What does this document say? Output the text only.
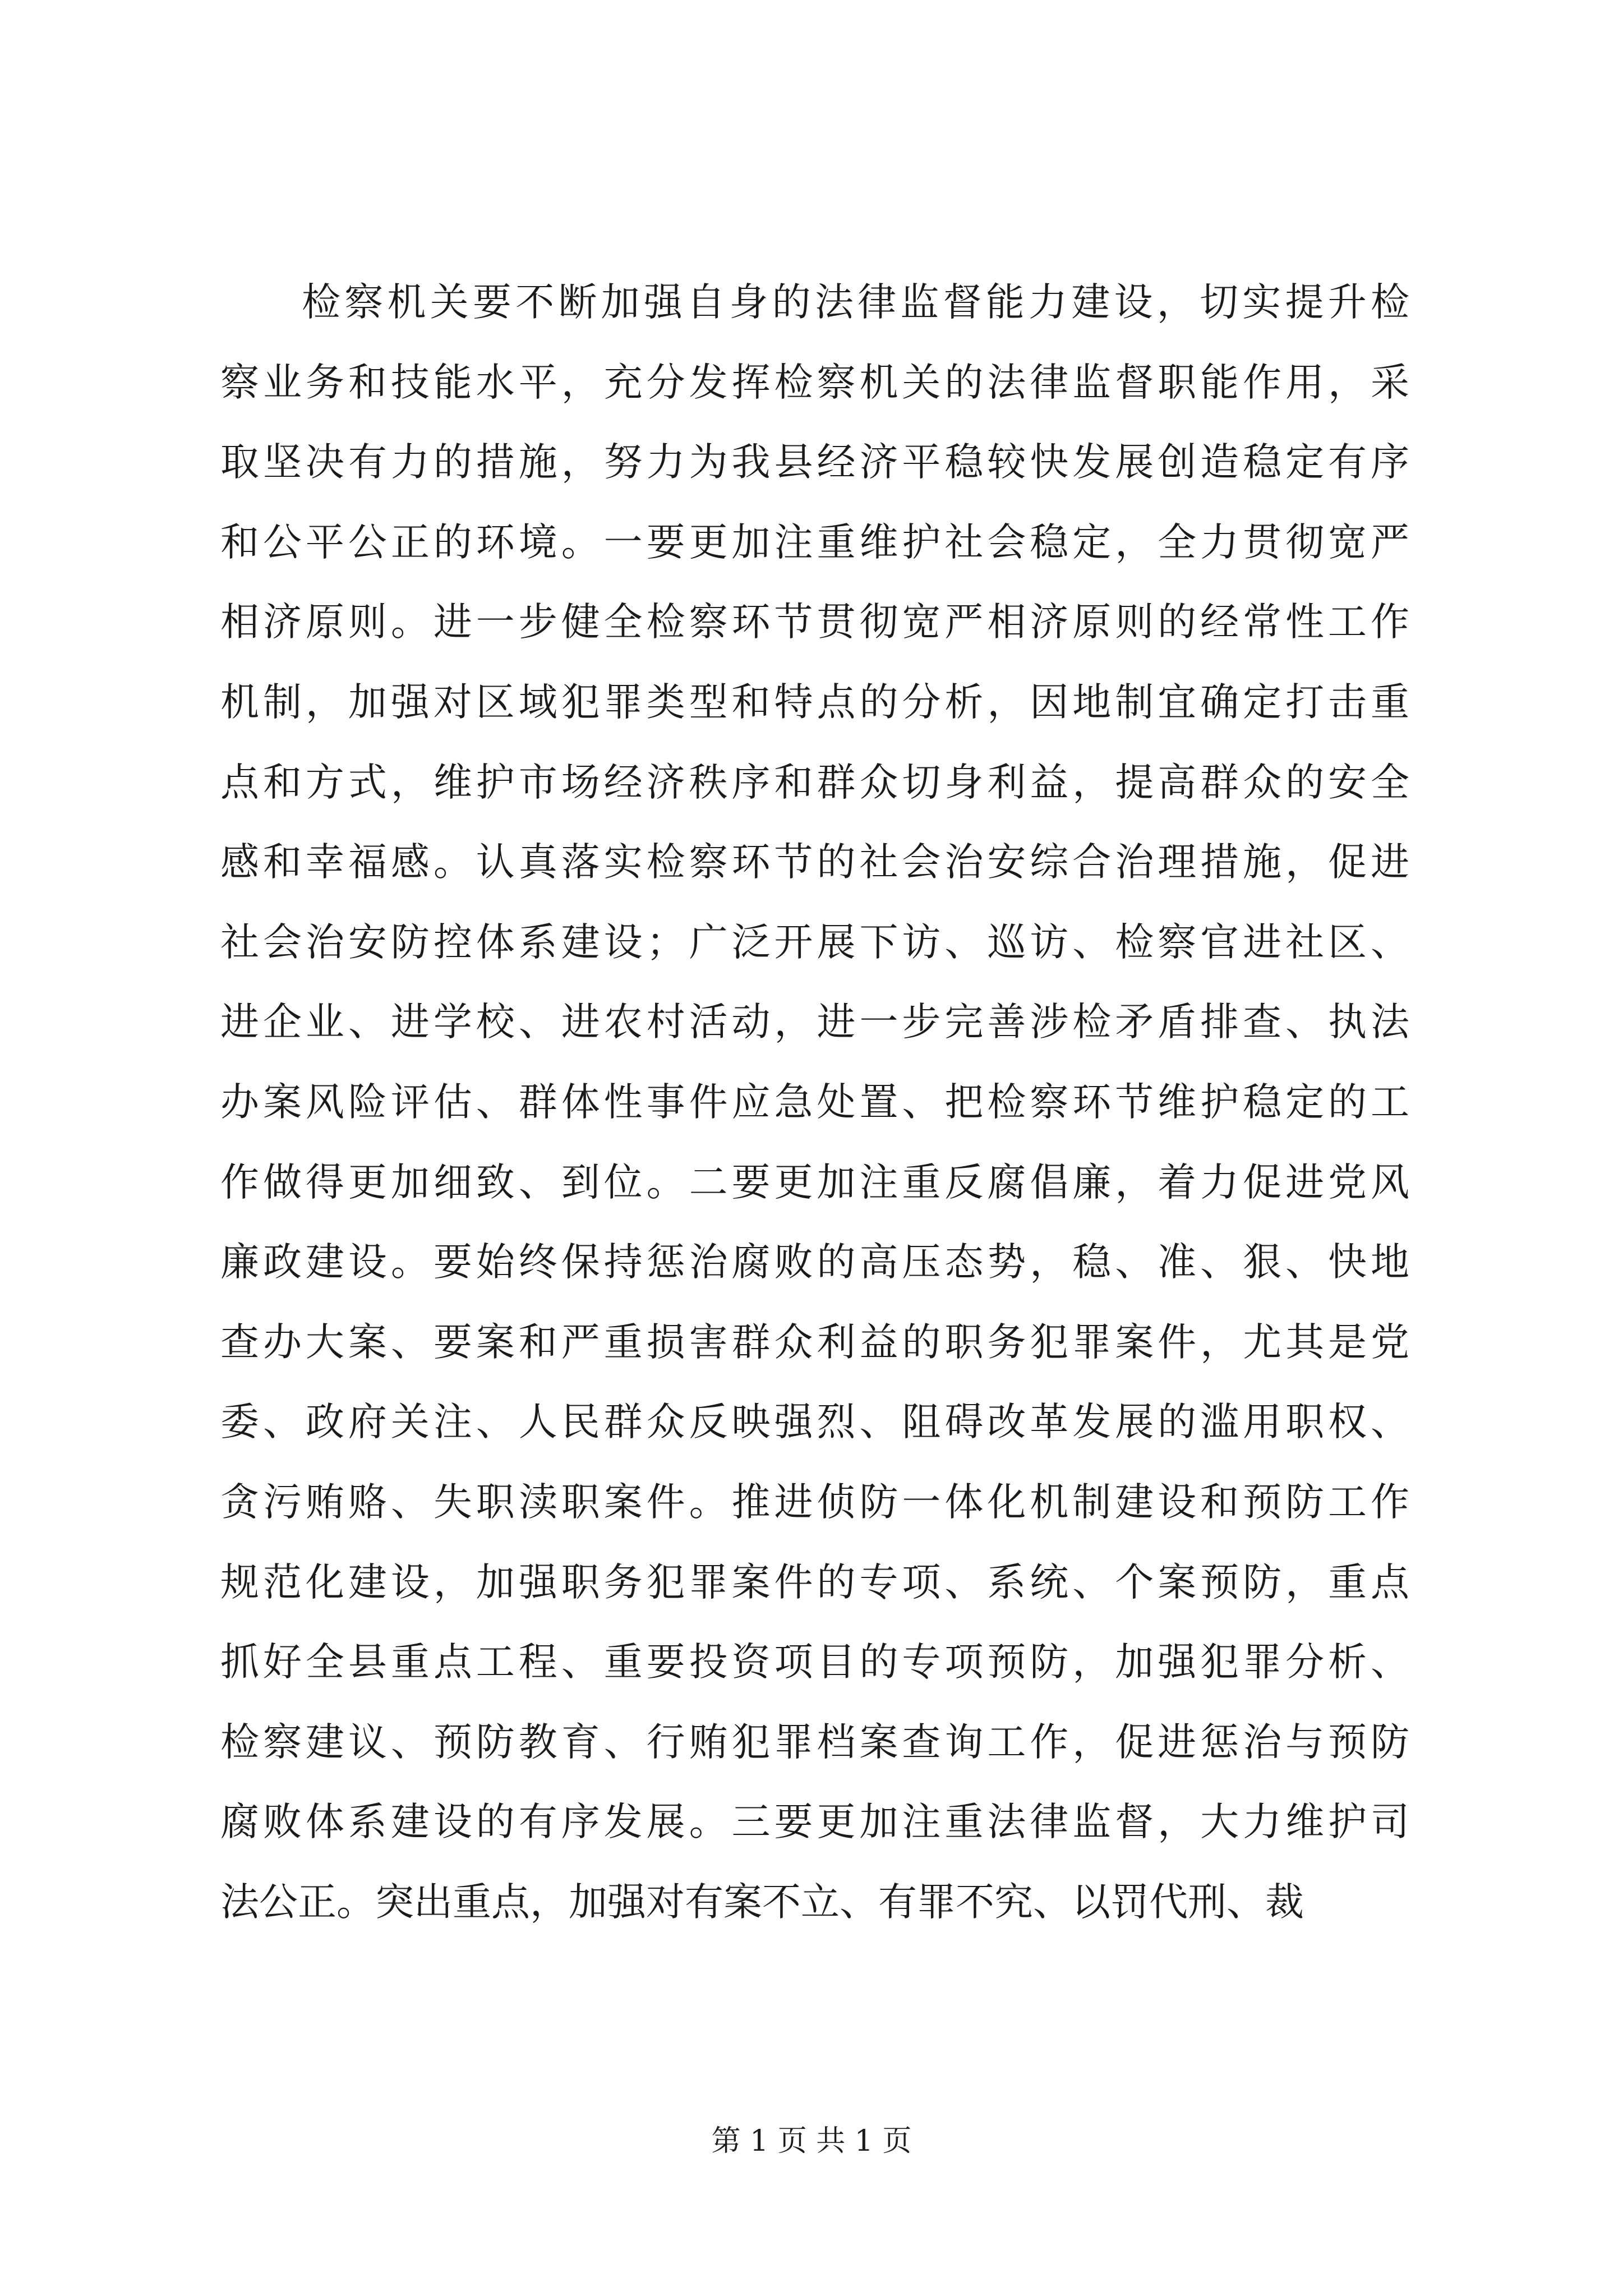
检察机关要不断加强自身的法律监督能力建设，切实提升检
察业务和技能水平，充分发挥检察机关的法律监督职能作用，采
取坚决有力的措施，努力为我县经济平稳较快发展创造稳定有序
和公平公正的环境。一要更加注重维护社会稳定，全力贯彻宽严
相济原则。进一步健全检察环节贯彻宽严相济原则的经常性工作
机制，加强对区域犯罪类型和特点的分析，因地制宜确定打击重
点和方式，维护市场经济秩序和群众切身利益，提高群众的安全
感和幸福感。认真落实检察环节的社会治安综合治理措施，促进
社会治安防控体系建设；广泛开展下访、巡访、检察官进社区、
进企业、进学校、进农村活动，进一步完善涉检矛盾排查、执法
办案风险评估、群体性事件应急处置、把检察环节维护稳定的工
作做得更加细致、到位。二要更加注重反腐倡廉，着力促进党风
廉政建设。要始终保持惩治腐败的高压态势，稳、准、狠、快地
查办大案、要案和严重损害群众利益的职务犯罪案件，尤其是党
委、政府关注、人民群众反映强烈、阻碍改革发展的滥用职权、
贪污贿赂、失职渎职案件。推进侦防一体化机制建设和预防工作
规范化建设，加强职务犯罪案件的专项、系统、个案预防，重点
抓好全县重点工程、重要投资项目的专项预防，加强犯罪分析、
检察建议、预防教育、行贿犯罪档案查询工作，促进惩治与预防
腐败体系建设的有序发展。三要更加注重法律监督，大力维护司
法公正。突出重点，加强对有案不立、有罪不究、以罚代刑、裁
第 1 页 共 1 页
